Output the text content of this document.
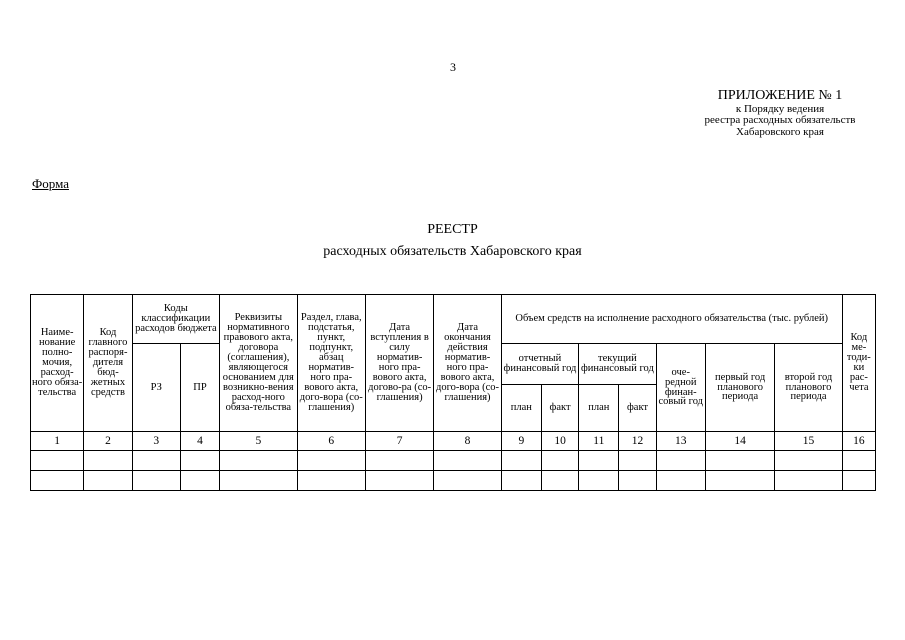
3
ПРИЛОЖЕНИЕ № 1
к Порядку ведения
реестра расходных обязательств
Хабаровского края
Форма
РЕЕСТР
расходных обязательств Хабаровского края
Наиме-нование полно-мочия, расход-ного обяза-тельства	Код главного распоря-дителя бюд-жетных средств	Коды классификации расходов бюджета		Реквизиты нормативного правового акта, договора (соглашения), являющегося основанием для возникно-вения расход-ного обяза-тельства	Раздел, глава, подстатья, пункт, подпункт, абзац норматив-ного пра-вового акта, дого-вора (со-глашения)	Дата вступления в силу норматив-ного пра-вового акта, догово-ра (со-глашения)	Дата окончания действия норматив-ного пра-вового акта, дого-вора (со-глашения)	Объем средств на исполнение расходного обязательства (тыс. рублей)							Код ме-тоди-ки рас-чета
		РЗ	ПР					отчетный финансовый год		текущий финансовый год		оче-редной финан-совый год	первый год планового периода	второй год планового периода	
								план	факт	план	факт				
1	2	3	4	5	6	7	8	9	10	11	12	13	14	15	16
